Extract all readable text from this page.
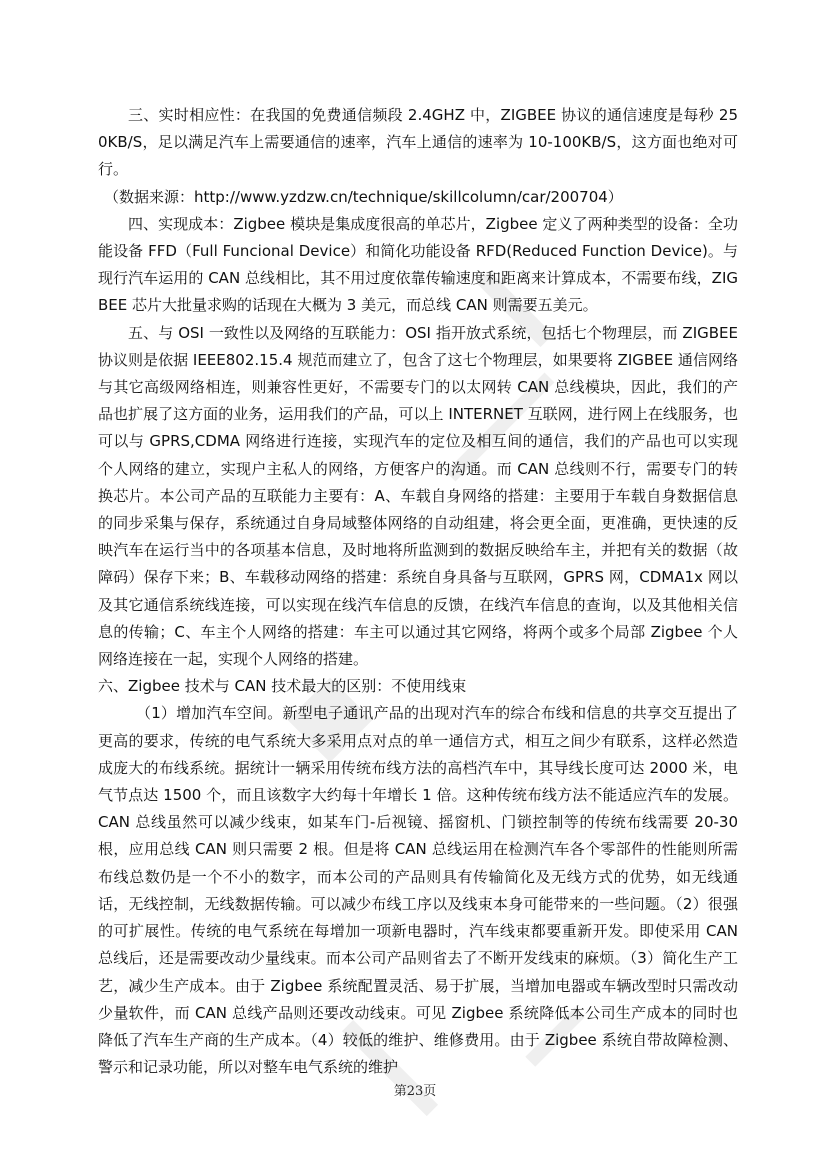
三、实时相应性：在我国的免费通信频段 2.4GHZ 中，ZIGBEE 协议的通信速度是每秒 250KB/S，足以满足汽车上需要通信的速率，汽车上通信的速率为 10-100KB/S，这方面也绝对可行。

（数据来源：http://www.yzdzw.cn/technique/skillcolumn/car/200704）

四、实现成本：Zigbee 模块是集成度很高的单芯片，Zigbee 定义了两种类型的设备：全功能设备 FFD（Full Funcional Device）和简化功能设备 RFD(Reduced Function Device)。与现行汽车运用的 CAN 总线相比，其不用过度依靠传输速度和距离来计算成本，不需要布线，ZIGBEE 芯片大批量求购的话现在大概为 3 美元，而总线 CAN 则需要五美元。

五、与 OSI 一致性以及网络的互联能力：OSI 指开放式系统，包括七个物理层，而 ZIGBEE 协议则是依据 IEEE802.15.4 规范而建立了，包含了这七个物理层，如果要将 ZIGBEE 通信网络与其它高级网络相连，则兼容性更好，不需要专门的以太网转 CAN 总线模块，因此，我们的产品也扩展了这方面的业务，运用我们的产品，可以上 INTERNET 互联网，进行网上在线服务，也可以与 GPRS,CDMA 网络进行连接，实现汽车的定位及相互间的通信，我们的产品也可以实现个人网络的建立，实现户主私人的网络，方便客户的沟通。而 CAN 总线则不行，需要专门的转换芯片。本公司产品的互联能力主要有：A、车载自身网络的搭建：主要用于车载自身数据信息的同步采集与保存，系统通过自身局域整体网络的自动组建，将会更全面，更准确，更快速的反映汽车在运行当中的各项基本信息，及时地将所监测到的数据反映给车主，并把有关的数据（故障码）保存下来；B、车载移动网络的搭建：系统自身具备与互联网，GPRS 网，CDMA1x 网以及其它通信系统线连接，可以实现在线汽车信息的反馈，在线汽车信息的查询，以及其他相关信息的传输；C、车主个人网络的搭建：车主可以通过其它网络，将两个或多个局部 Zigbee 个人网络连接在一起，实现个人网络的搭建。

六、Zigbee 技术与 CAN 技术最大的区别：不使用线束

（1）增加汽车空间。新型电子通讯产品的出现对汽车的综合布线和信息的共享交互提出了更高的要求，传统的电气系统大多采用点对点的单一通信方式，相互之间少有联系，这样必然造成庞大的布线系统。据统计一辆采用传统布线方法的高档汽车中，其导线长度可达 2000 米，电气节点达 1500 个，而且该数字大约每十年增长 1 倍。这种传统布线方法不能适应汽车的发展。CAN 总线虽然可以减少线束，如某车门-后视镜、摇窗机、门锁控制等的传统布线需要 20-30 根，应用总线 CAN 则只需要 2 根。但是将 CAN 总线运用在检测汽车各个零部件的性能则所需布线总数仍是一个不小的数字，而本公司的产品则具有传输简化及无线方式的优势，如无线通话，无线控制，无线数据传输。可以减少布线工序以及线束本身可能带来的一些问题。（2）很强的可扩展性。传统的电气系统在每增加一项新电器时，汽车线束都要重新开发。即使采用 CAN 总线后，还是需要改动少量线束。而本公司产品则省去了不断开发线束的麻烦。（3）简化生产工艺，减少生产成本。由于 Zigbee 系统配置灵活、易于扩展，当增加电器或车辆改型时只需改动少量软件，而 CAN 总线产品则还要改动线束。可见 Zigbee 系统降低本公司生产成本的同时也降低了汽车生产商的生产成本。（4）较低的维护、维修费用。由于 Zigbee 系统自带故障检测、警示和记录功能，所以对整车电气系统的维护

第23页
